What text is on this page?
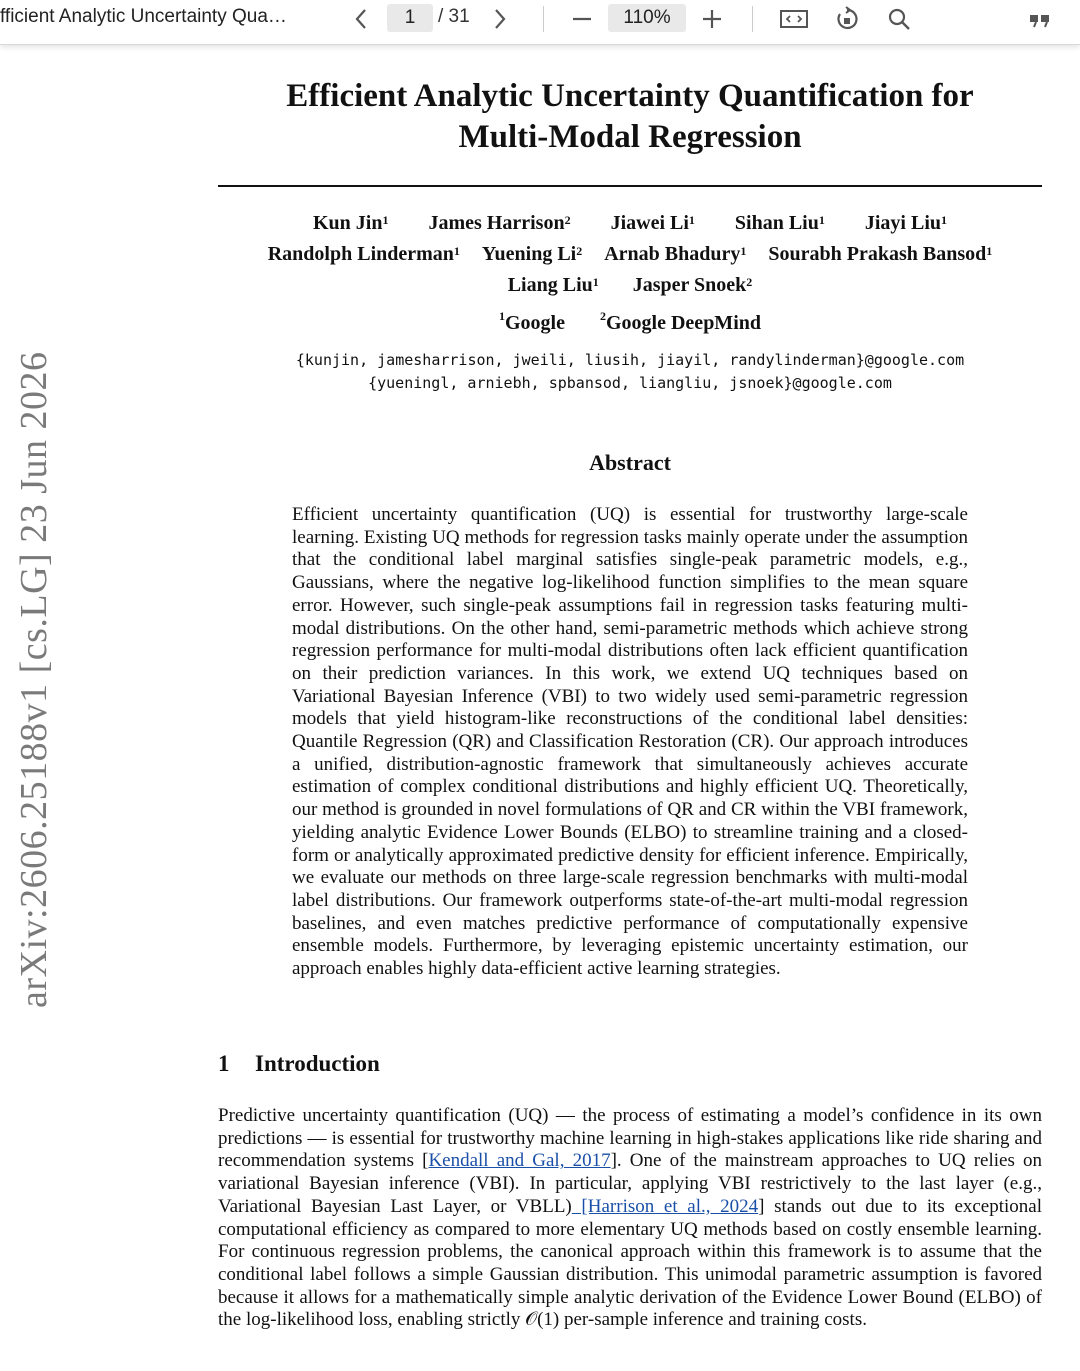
fficient Analytic Uncertainty Qua…	1	/ 31	110%
Efficient Analytic Uncertainty Quantification for
Multi-Modal Regression
Kun Jin$^1$ James Harrison$^2$ Jiawei Li$^1$ Sihan Liu$^1$ Jiayi Liu$^1$
Randolph Linderman$^1$ Yuening Li$^2$ Arnab Bhadury$^1$ Sourabh Prakash Bansod$^1$
Liang Liu$^1$ Jasper Snoek$^2$
$^1$Google	$^2$Google DeepMind
{kunjin, jamesharrison, jweili, liusih, jiayil, randylinderman}@google.com
{yueningl, arniebh, spbansod, liangliu, jsnoek}@google.com
Abstract
Efficient uncertainty quantification (UQ) is essential for trustworthy large-scale learning. Existing UQ methods for regression tasks mainly operate under the assumption that the conditional label marginal satisfies single-peak parametric models, e.g., Gaussians, where the negative log-likelihood function simplifies to the mean square error. However, such single-peak assumptions fail in regression tasks featuring multi-modal distributions. On the other hand, semi-parametric methods which achieve strong regression performance for multi-modal distributions often lack efficient quantification on their prediction variances. In this work, we extend UQ techniques based on Variational Bayesian Inference (VBI) to two widely used semi-parametric regression models that yield histogram-like reconstructions of the conditional label densities: Quantile Regression (QR) and Classification Restoration (CR). Our approach introduces a unified, distribution-agnostic framework that simultaneously achieves accurate estimation of complex conditional distributions and highly efficient UQ. Theoretically, our method is grounded in novel formulations of QR and CR within the VBI framework, yielding analytic Evidence Lower Bounds (ELBO) to streamline training and a closed-form or analytically approximated predictive density for efficient inference. Empirically, we evaluate our methods on three large-scale regression benchmarks with multi-modal label distributions. Our framework outperforms state-of-the-art multi-modal regression baselines, and even matches predictive performance of computationally expensive ensemble models. Furthermore, by leveraging epistemic uncertainty estimation, our approach enables highly data-efficient active learning strategies.
1 Introduction
Predictive uncertainty quantification (UQ) — the process of estimating a model’s confidence in its own predictions — is essential for trustworthy machine learning in high-stakes applications like ride sharing and recommendation systems [Kendall and Gal, 2017]. One of the mainstream approaches to UQ relies on variational Bayesian inference (VBI). In particular, applying VBI restrictively to the last layer (e.g., Variational Bayesian Last Layer, or VBLL) [Harrison et al., 2024] stands out due to its exceptional computational efficiency as compared to more elementary UQ methods based on costly ensemble learning. For continuous regression problems, the canonical approach within this framework is to assume that the conditional label follows a simple Gaussian distribution. This unimodal parametric assumption is favored because it allows for a mathematically simple analytic derivation of the Evidence Lower Bound (ELBO) of the log-likelihood loss, enabling strictly 𝒪(1) per-sample inference and training costs.
arXiv:2606.25188v1 [cs.LG] 23 Jun 2026
